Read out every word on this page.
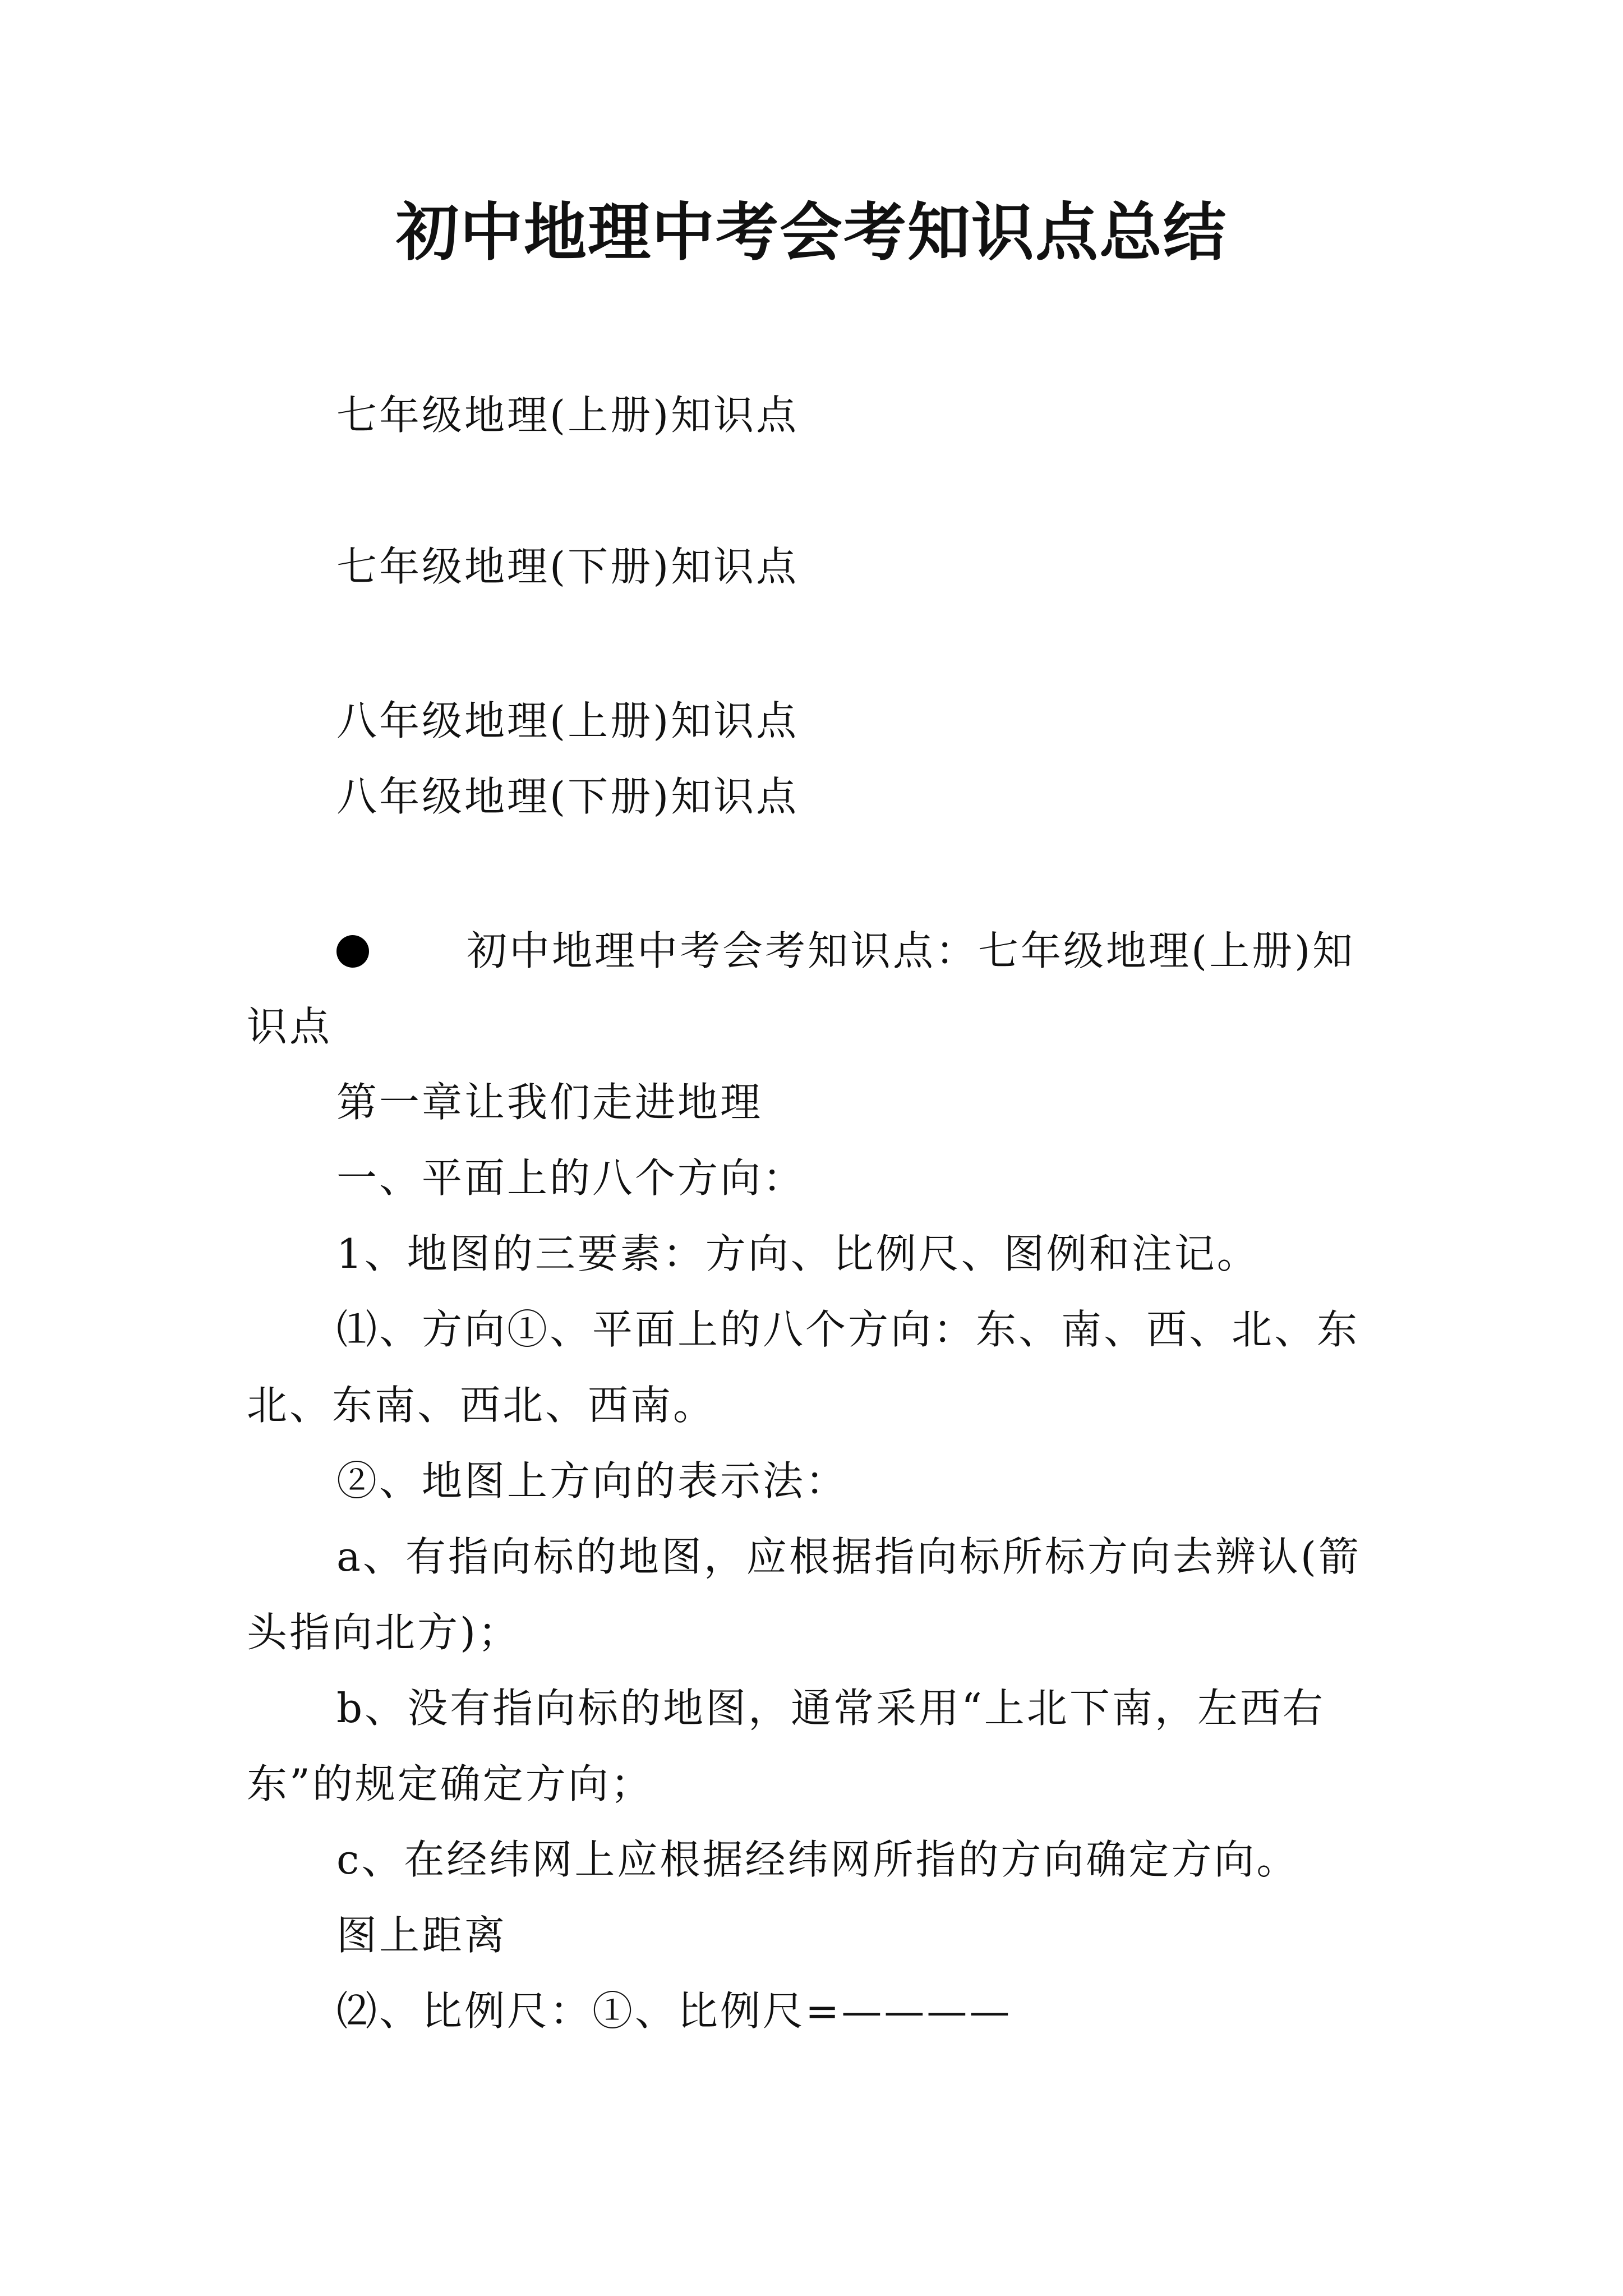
初中地理中考会考知识点总结
七年级地理(上册)知识点
七年级地理(下册)知识点
八年级地理(上册)知识点
八年级地理(下册)知识点
初中地理中考会考知识点：七年级地理(上册)知
识点
第一章让我们走进地理
一、平面上的八个方向：
1、地图的三要素：方向、比例尺、图例和注记。
⑴、方向①、平面上的八个方向：东、南、西、北、东
北、东南、西北、西南。
②、地图上方向的表示法：
a、有指向标的地图，应根据指向标所标方向去辨认(箭
头指向北方)；
b、没有指向标的地图，通常采用“上北下南，左西右
东”的规定确定方向；
c、在经纬网上应根据经纬网所指的方向确定方向。
图上距离
⑵、比例尺：①、比例尺=————
